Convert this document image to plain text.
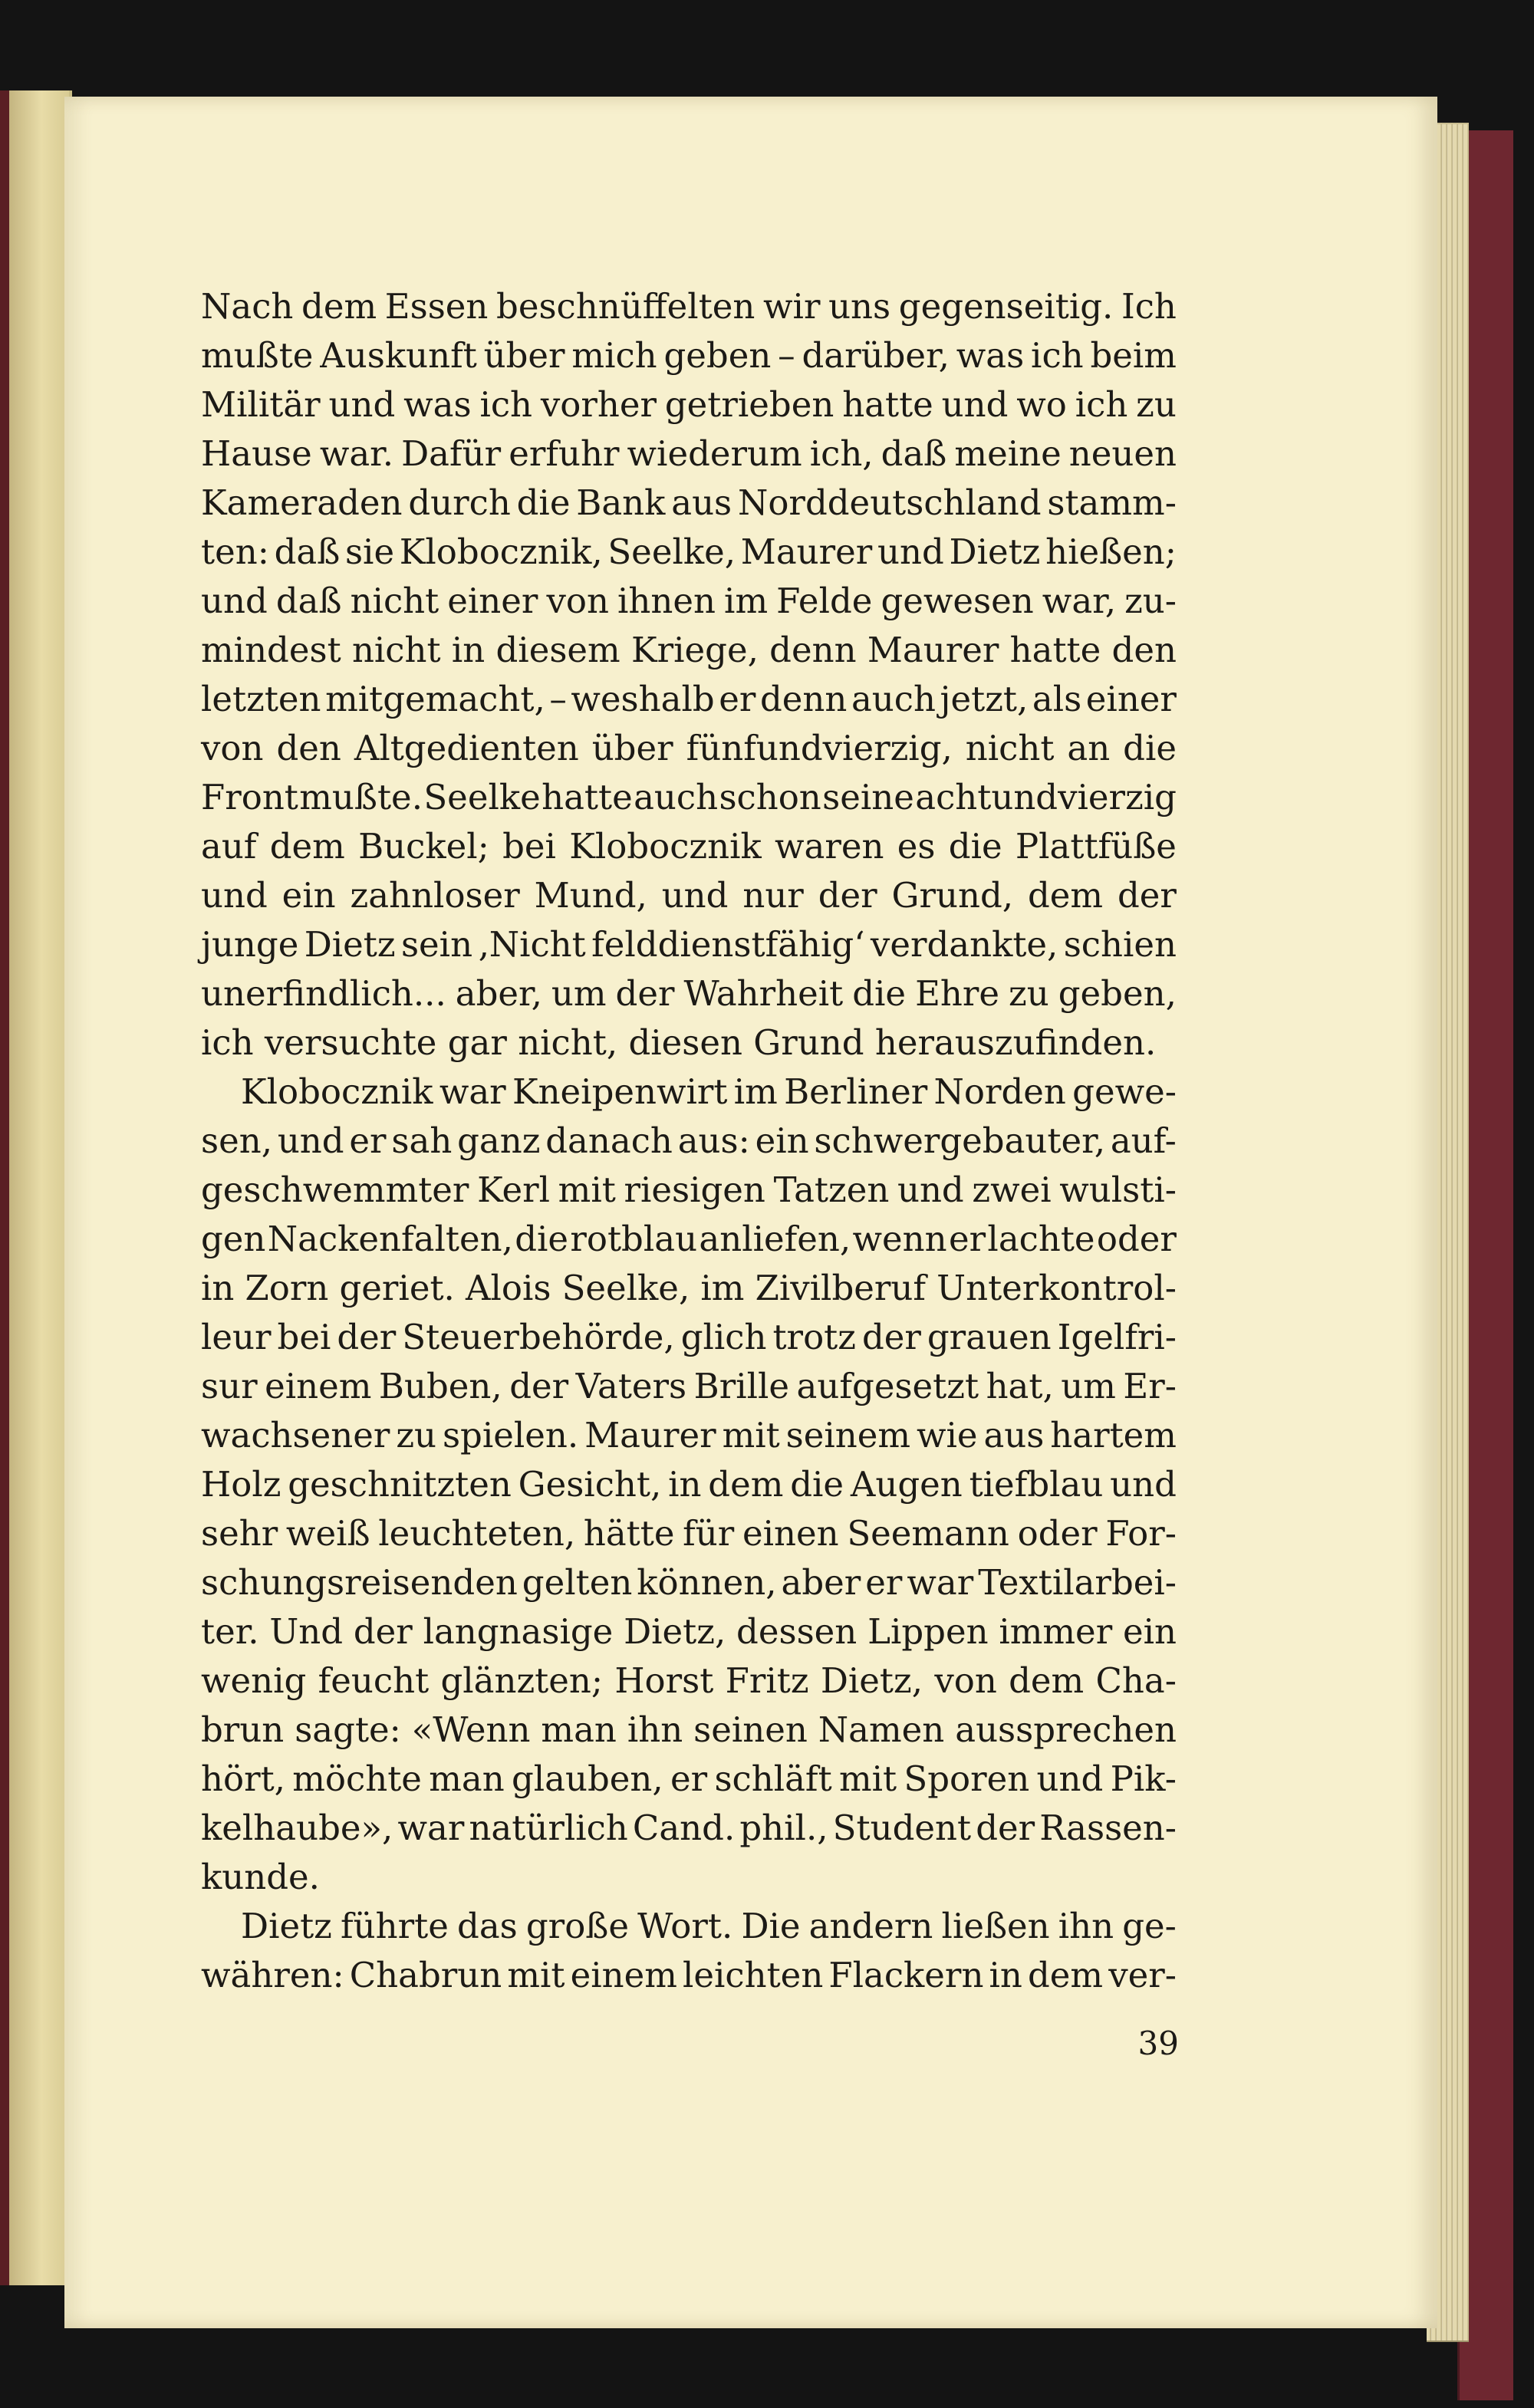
Nach dem Essen beschnüffelten wir uns gegenseitig. Ich
mußte Auskunft über mich geben – darüber, was ich beim
Militär und was ich vorher getrieben hatte und wo ich zu
Hause war. Dafür erfuhr wiederum ich, daß meine neuen
Kameraden durch die Bank aus Norddeutschland stamm-
ten: daß sie Klobocznik, Seelke, Maurer und Dietz hießen;
und daß nicht einer von ihnen im Felde gewesen war, zu-
mindest nicht in diesem Kriege, denn Maurer hatte den
letzten mitgemacht, – weshalb er denn auch jetzt, als einer
von den Altgedienten über fünfundvierzig, nicht an die
Front mußte. Seelke hatte auch schon seine achtundvierzig
auf dem Buckel; bei Klobocznik waren es die Plattfüße
und ein zahnloser Mund, und nur der Grund, dem der
junge Dietz sein ‚Nicht felddienstfähig‘ verdankte, schien
unerfindlich... aber, um der Wahrheit die Ehre zu geben,
ich versuchte gar nicht, diesen Grund herauszufinden.
Klobocznik war Kneipenwirt im Berliner Norden gewe-
sen, und er sah ganz danach aus: ein schwergebauter, auf-
geschwemmter Kerl mit riesigen Tatzen und zwei wulsti-
gen Nackenfalten, die rotblau anliefen, wenn er lachte oder
in Zorn geriet. Alois Seelke, im Zivilberuf Unterkontrol-
leur bei der Steuerbehörde, glich trotz der grauen Igelfri-
sur einem Buben, der Vaters Brille aufgesetzt hat, um Er-
wachsener zu spielen. Maurer mit seinem wie aus hartem
Holz geschnitzten Gesicht, in dem die Augen tiefblau und
sehr weiß leuchteten, hätte für einen Seemann oder For-
schungsreisenden gelten können, aber er war Textilarbei-
ter. Und der langnasige Dietz, dessen Lippen immer ein
wenig feucht glänzten; Horst Fritz Dietz, von dem Cha-
brun sagte: «Wenn man ihn seinen Namen aussprechen
hört, möchte man glauben, er schläft mit Sporen und Pik-
kelhaube», war natürlich Cand. phil., Student der Rassen-
kunde.
Dietz führte das große Wort. Die andern ließen ihn ge-
währen: Chabrun mit einem leichten Flackern in dem ver-
39
